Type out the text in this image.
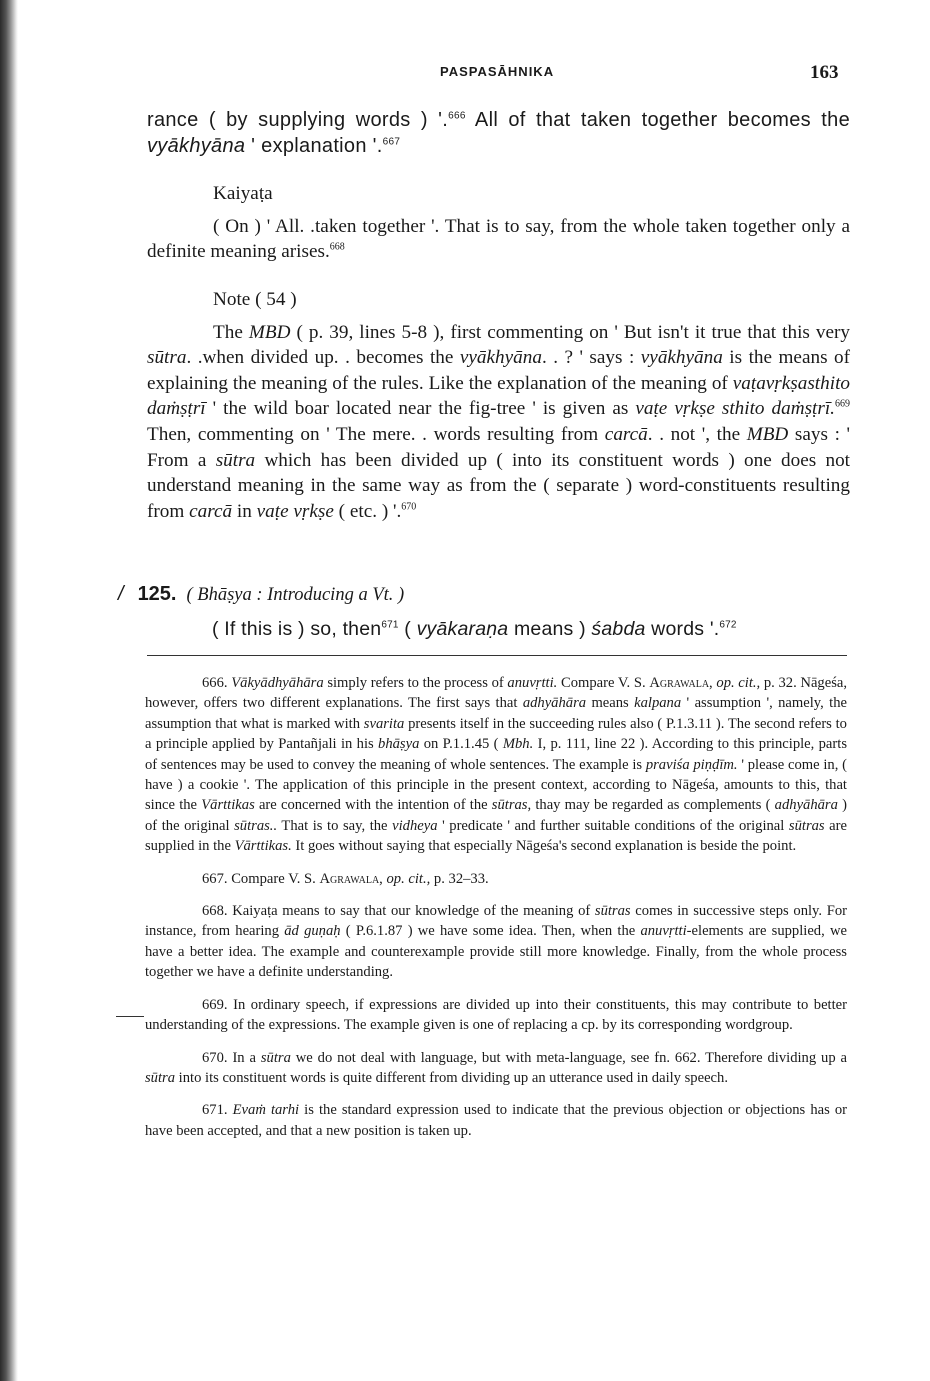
PASPASĀHNIKA	163

rance ( by supplying words ) '.$^{666}$ All of that taken together becomes the vyākhyāna ' explanation '.$^{667}$

Kaiyaṭa

( On ) ' All. .taken together '. That is to say, from the whole taken together only a definite meaning arises.$^{668}$

Note ( 54 )

The MBD ( p. 39, lines 5-8 ), first commenting on ' But isn't it true that this very sūtra. .when divided up. . becomes the vyākhyāna. . ? ' says : vyākhyāna is the means of explaining the meaning of the rules. Like the explanation of the meaning of vaṭavṛkṣasthito daṁṣṭrī ' the wild boar located near the fig-tree ' is given as vaṭe vṛkṣe sthito daṁṣṭrī.$^{669}$ Then, commenting on ' The mere. . words resulting from carcā. . not ', the MBD says : ' From a sūtra which has been divided up ( into its constituent words ) one does not understand meaning in the same way as from the ( separate ) word-constituents resulting from carcā in vaṭe vṛkṣe ( etc. ) '.$^{670}$

/ 125. ( Bhāṣya : Introducing a Vt. )
( If this is ) so, then$^{671}$ ( vyākaraṇa means ) śabda words '.$^{672}$

666. Vākyādhyāhāra simply refers to the process of anuvṛtti. Compare V. S. Agrawala, op. cit., p. 32. Nāgeśa, however, offers two different explanations. The first says that adhyāhāra means kalpana ' assumption ', namely, the assumption that what is marked with svarita presents itself in the succeeding rules also ( P.1.3.11 ). The second refers to a principle applied by Pantañjali in his bhāṣya on P.1.1.45 ( Mbh. I, p. 111, line 22 ). According to this principle, parts of sentences may be used to convey the meaning of whole sentences. The example is praviśa piṇḍīm. ' please come in, ( have ) a cookie '. The application of this principle in the present context, according to Nāgeśa, amounts to this, that since the Vārttikas are concerned with the intention of the sūtras, thay may be regarded as complements ( adhyāhāra ) of the original sūtras.. That is to say, the vidheya ' predicate ' and further suitable conditions of the original sūtras are supplied in the Vārttikas. It goes without saying that especially Nāgeśa's second explanation is beside the point.

667. Compare V. S. Agrawala, op. cit., p. 32–33.

668. Kaiyaṭa means to say that our knowledge of the meaning of sūtras comes in successive steps only. For instance, from hearing ād guṇaḥ ( P.6.1.87 ) we have some idea. Then, when the anuvṛtti-elements are supplied, we have a better idea. The example and counterexample provide still more knowledge. Finally, from the whole process together we have a definite understanding.

669. In ordinary speech, if expressions are divided up into their constituents, this may contribute to better understanding of the expressions. The example given is one of replacing a cp. by its corresponding wordgroup.

670. In a sūtra we do not deal with language, but with meta-language, see fn. 662. Therefore dividing up a sūtra into its constituent words is quite different from dividing up an utterance used in daily speech.

671. Evaṁ tarhi is the standard expression used to indicate that the previous objection or objections has or have been accepted, and that a new position is taken up.
